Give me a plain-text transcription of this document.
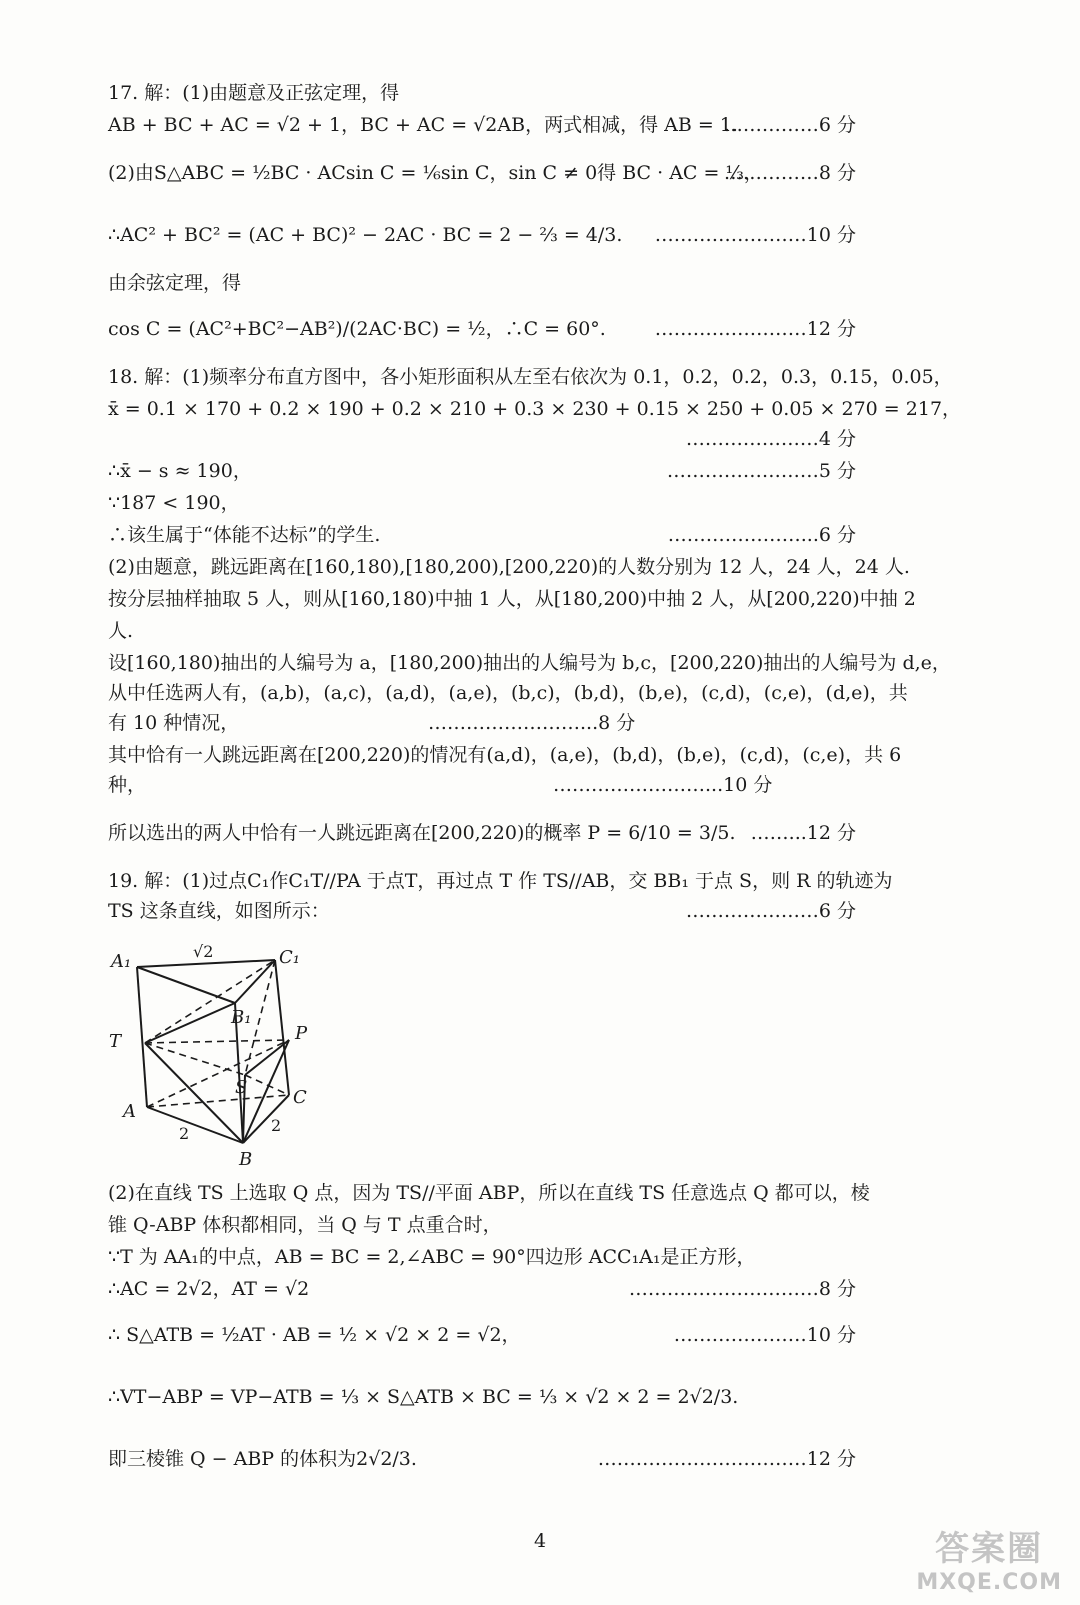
17. 解：(1)由题意及正弦定理，得
AB + BC + AC = √2 + 1，BC + AC = √2AB，两式相减，得 AB = 1.
……………6 分
(2)由S△ABC = ½BC · ACsin C = ⅙sin C，sin C ≠ 0得 BC · AC = ⅓，
……………8 分
∴AC² + BC² = (AC + BC)² − 2AC · BC = 2 − ⅔ = 4/3. ……………………10 分
由余弦定理，得
cos C = (AC²+BC²−AB²)/(2AC·BC) = ½，∴C = 60°.	……………………12 分
18. 解：(1)频率分布直方图中，各小矩形面积从左至右依次为 0.1，0.2，0.2，0.3，0.15，0.05，
x̄ = 0.1 × 170 + 0.2 × 190 + 0.2 × 210 + 0.3 × 230 + 0.15 × 250 + 0.05 × 270 = 217，
…………………4 分
∴x̄ − s ≈ 190，	……………………5 分
∵187 < 190，
∴该生属于“体能不达标”的学生.	…………………...6 分
(2)由题意，跳远距离在[160,180),[180,200),[200,220)的人数分别为 12 人，24 人，24 人.
按分层抽样抽取 5 人，则从[160,180)中抽 1 人，从[180,200)中抽 2 人，从[200,220)中抽 2
人.
设[160,180)抽出的人编号为 a，[180,200)抽出的人编号为 b,c，[200,220)抽出的人编号为 d,e，
从中任选两人有，(a,b)，(a,c)，(a,d)，(a,e)，(b,c)，(b,d)，(b,e)，(c,d)，(c,e)，(d,e)，共
有 10 种情况，	……………………...8 分
其中恰有一人跳远距离在[200,220)的情况有(a,d)，(a,e)，(b,d)，(b,e)，(c,d)，(c,e)，共 6
种，	……………………...10 分
所以选出的两人中恰有一人跳远距离在[200,220)的概率 P = 6/10 = 3/5. ……...12 分
19. 解：(1)过点C₁作C₁T//PA 于点T，再过点 T 作 TS//AB，交 BB₁ 于点 S，则 R 的轨迹为
TS 这条直线，如图所示：	…………………6 分
(2)在直线 TS 上选取 Q 点，因为 TS//平面 ABP，所以在直线 TS 任意选点 Q 都可以，棱
锥 Q-ABP 体积都相同，当 Q 与 T 点重合时，
∵T 为 AA₁的中点，AB = BC = 2,∠ABC = 90°四边形 ACC₁A₁是正方形，
∴AC = 2√2，AT = √2	…………………………8 分
∴ S△ATB = ½AT · AB = ½ × √2 × 2 = √2，	…………………10 分
∴VT−ABP = VP−ATB = ⅓ × S△ATB × BC = ⅓ × √2 × 2 = 2√2/3.
即三棱锥 Q − ABP 的体积为2√2/3.	……………………………12 分
A₁	C₁
B₁
T	P
S
A
C
B
√2
2	2
4	答案圈
MXQE.COM
